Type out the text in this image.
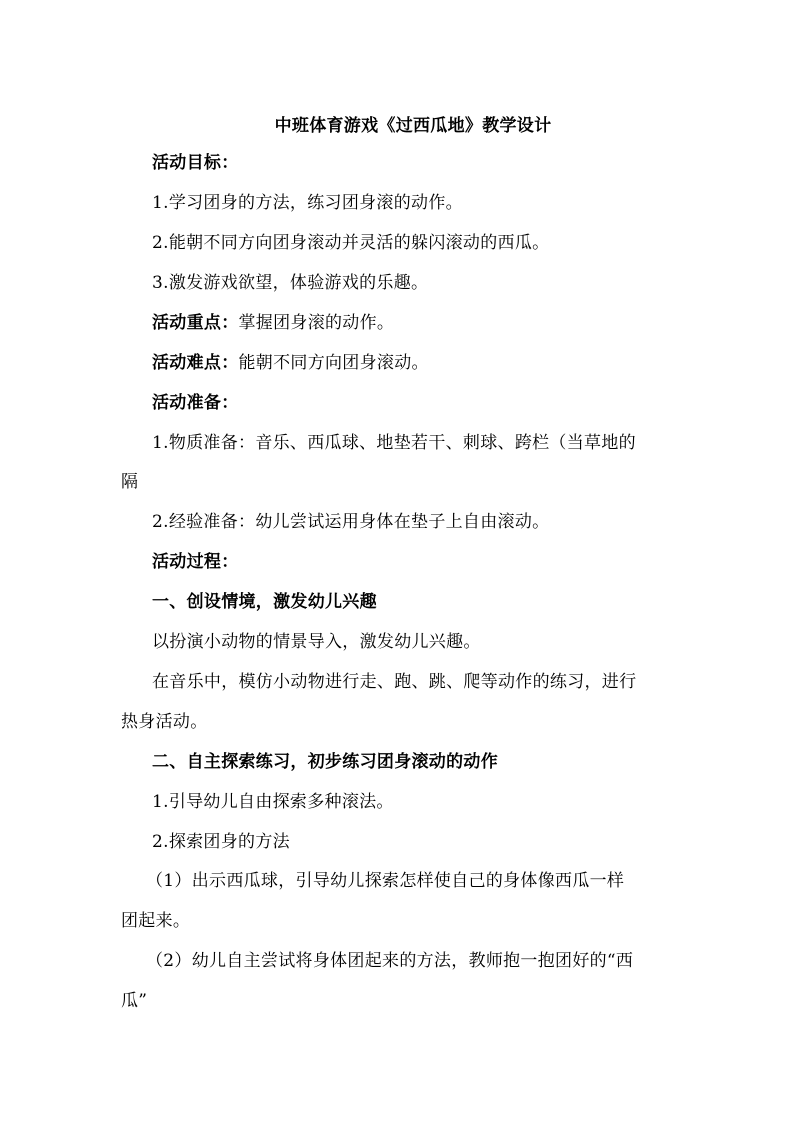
中班体育游戏《过西瓜地》教学设计
活动目标：
1.学习团身的方法，练习团身滚的动作。
2.能朝不同方向团身滚动并灵活的躲闪滚动的西瓜。
3.激发游戏欲望，体验游戏的乐趣。
活动重点：掌握团身滚的动作。
活动难点：能朝不同方向团身滚动。
活动准备：
1.物质准备：音乐、西瓜球、地垫若干、刺球、跨栏（当草地的
隔
2.经验准备：幼儿尝试运用身体在垫子上自由滚动。
活动过程：
一、创设情境，激发幼儿兴趣
以扮演小动物的情景导入，激发幼儿兴趣。
在音乐中，模仿小动物进行走、跑、跳、爬等动作的练习，进行
热身活动。
二、自主探索练习，初步练习团身滚动的动作
1.引导幼儿自由探索多种滚法。
2.探索团身的方法
（1）出示西瓜球，引导幼儿探索怎样使自己的身体像西瓜一样
团起来。
（2）幼儿自主尝试将身体团起来的方法，教师抱一抱团好的“西
瓜”
